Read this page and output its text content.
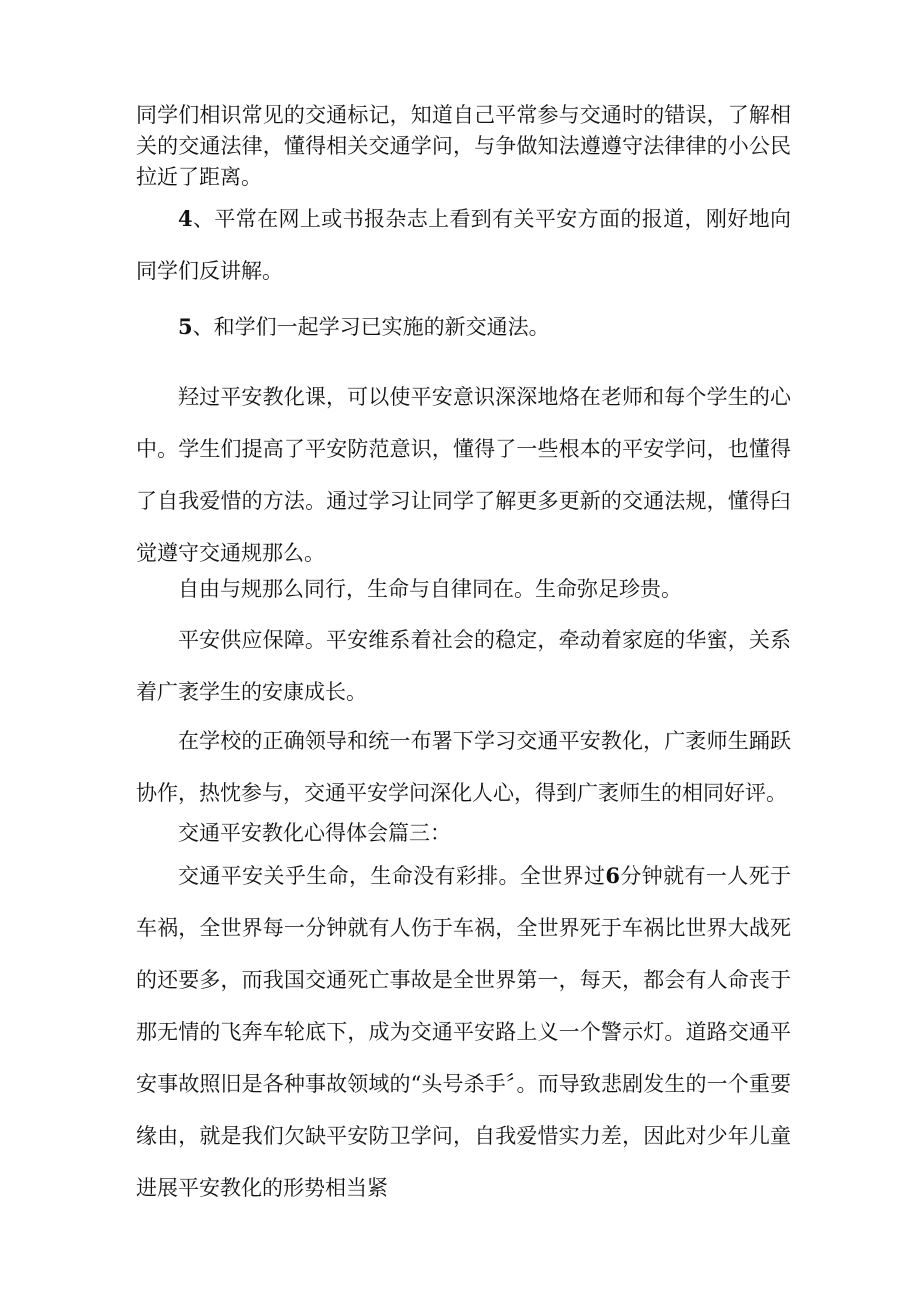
同学们相识常见的交通标记，知道自己平常参与交通时的错误，了解相关的交通法律，懂得相关交通学问，与争做知法遵遵守法律律的小公民拉近了距离。

4、平常在网上或书报杂志上看到有关平安方面的报道，刚好地向同学们反讲解。

5、和学们一起学习已实施的新交通法。

羟过平安教化课，可以使平安意识深深地烙在老师和每个学生的心中。学生们提高了平安防范意识，懂得了一些根本的平安学问，也懂得了自我爱惜的方法。通过学习让同学了解更多更新的交通法规，懂得臼觉遵守交通规那么。

自由与规那么同行，生命与自律同在。生命弥足珍贵。

平安供应保障。平安维系着社会的稳定，牵动着家庭的华蜜，关系着广袤学生的安康成长。

在学校的正确领导和统一布署下学习交通平安教化，广袤师生踊跃协作，热忱参与，交通平安学问深化人心，得到广袤师生的相同好评。

交通平安教化心得体会篇三：

交通平安关乎生命，生命没有彩排。全世界过6分钟就有一人死于车祸，全世界每一分钟就有人伤于车祸，全世界死于车祸比世界大战死的还要多，而我国交通死亡事故是全世界第一，每天，都会有人命丧于那无情的飞奔车轮底下，成为交通平安路上义一个警示灯。道路交通平安事故照旧是各种事故领域的“头号杀手〞。而导致悲剧发生的一个重要缘由，就是我们欠缺平安防卫学问，自我爱惜实力差，因此对少年儿童进展平安教化的形势相当紧
